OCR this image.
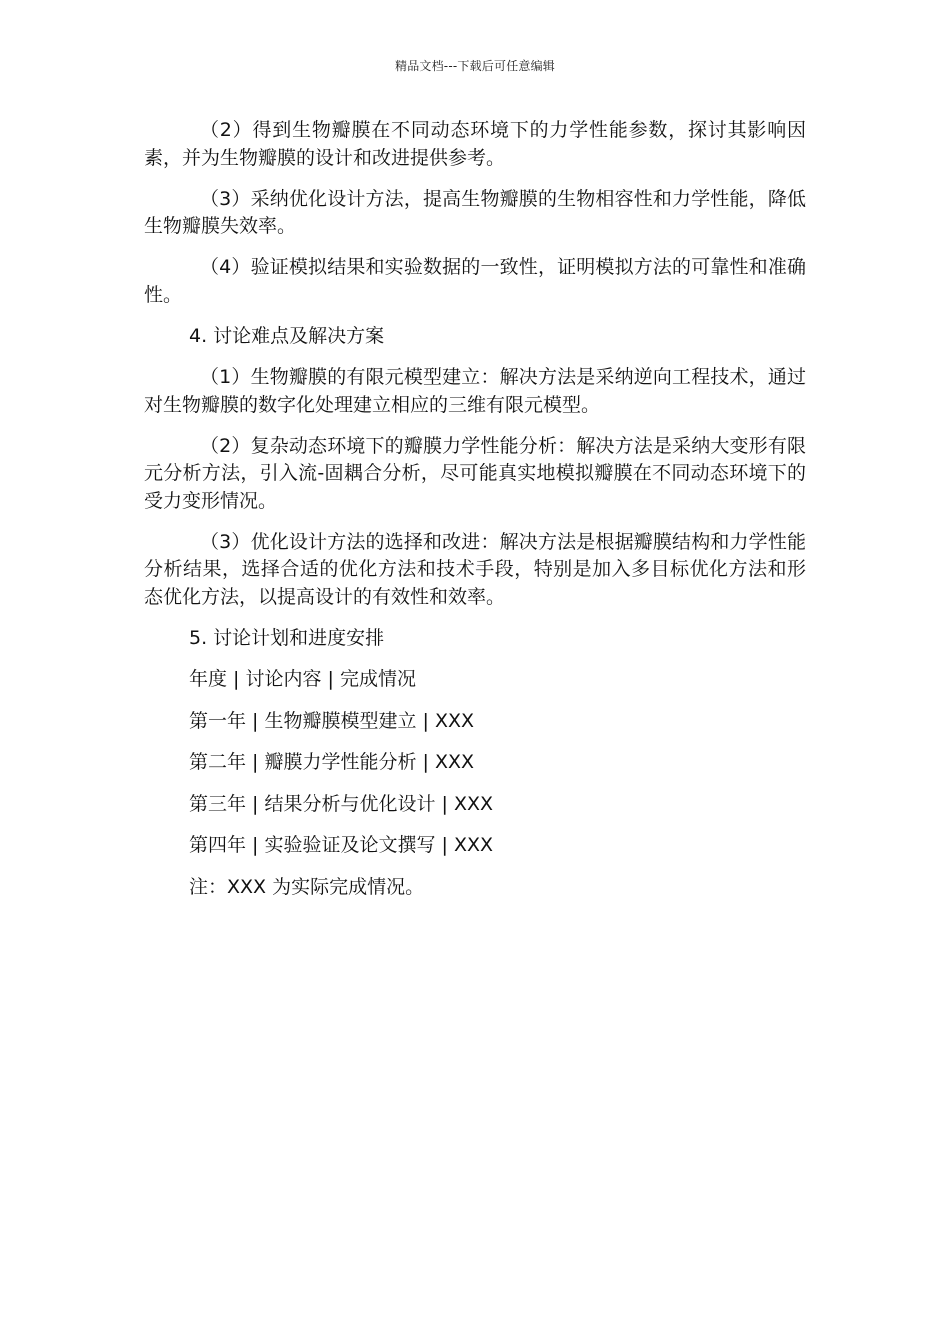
精品文档---下载后可任意编辑

（2）得到生物瓣膜在不同动态环境下的力学性能参数，探讨其影响因素，并为生物瓣膜的设计和改进提供参考。

（3）采纳优化设计方法，提高生物瓣膜的生物相容性和力学性能，降低生物瓣膜失效率。

（4）验证模拟结果和实验数据的一致性，证明模拟方法的可靠性和准确性。

4. 讨论难点及解决方案

（1）生物瓣膜的有限元模型建立：解决方法是采纳逆向工程技术，通过对生物瓣膜的数字化处理建立相应的三维有限元模型。

（2）复杂动态环境下的瓣膜力学性能分析：解决方法是采纳大变形有限元分析方法，引入流-固耦合分析，尽可能真实地模拟瓣膜在不同动态环境下的受力变形情况。

（3）优化设计方法的选择和改进：解决方法是根据瓣膜结构和力学性能分析结果，选择合适的优化方法和技术手段，特别是加入多目标优化方法和形态优化方法，以提高设计的有效性和效率。

5. 讨论计划和进度安排

年度 | 讨论内容 | 完成情况

第一年 | 生物瓣膜模型建立 | XXX

第二年 | 瓣膜力学性能分析 | XXX

第三年 | 结果分析与优化设计 | XXX

第四年 | 实验验证及论文撰写 | XXX

注：XXX 为实际完成情况。
